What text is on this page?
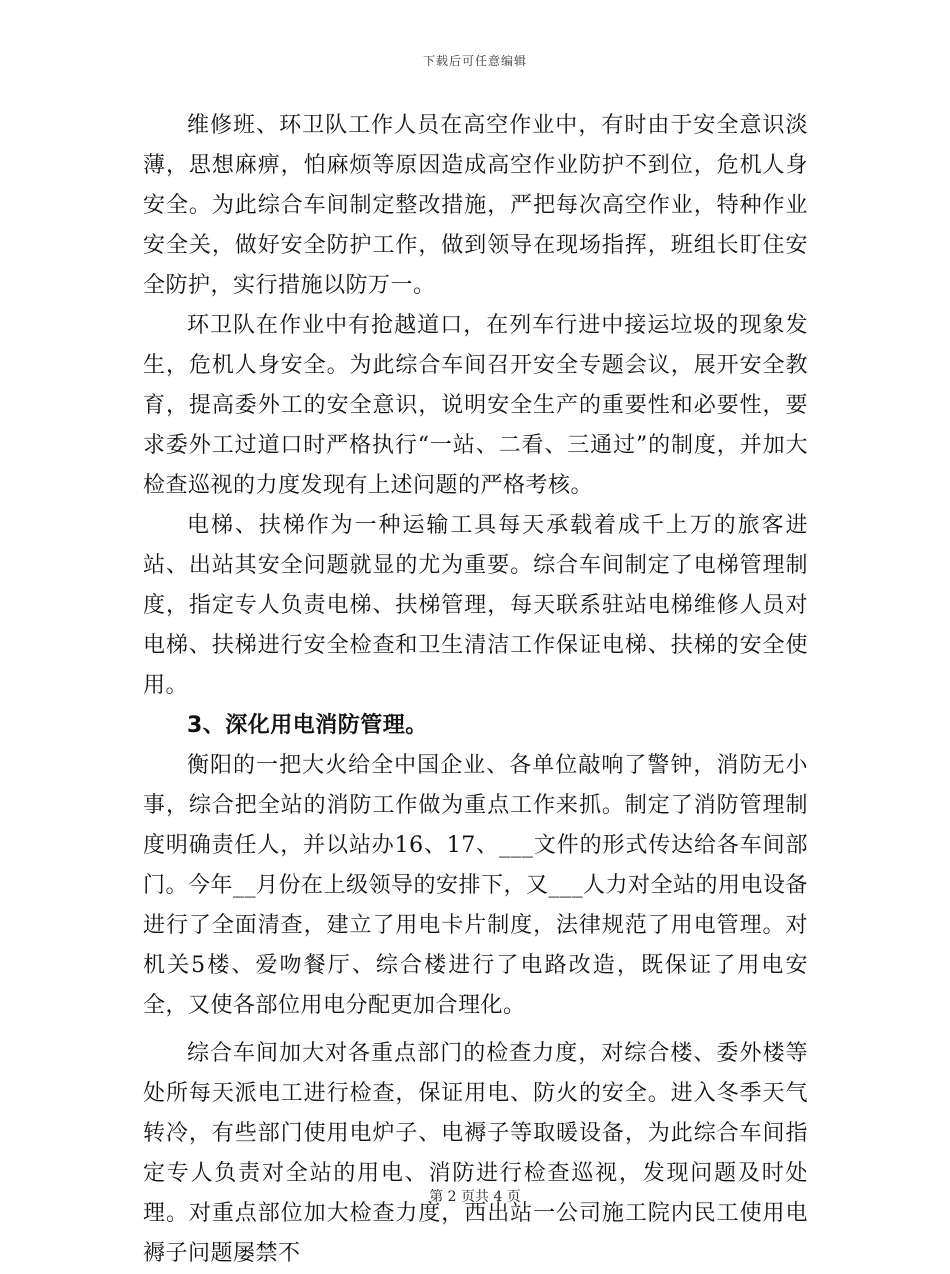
下载后可任意编辑

维修班、环卫队工作人员在高空作业中，有时由于安全意识淡薄，思想麻痹，怕麻烦等原因造成高空作业防护不到位，危机人身安全。为此综合车间制定整改措施，严把每次高空作业，特种作业安全关，做好安全防护工作，做到领导在现场指挥，班组长盯住安全防护，实行措施以防万一。

环卫队在作业中有抢越道口，在列车行进中接运垃圾的现象发生，危机人身安全。为此综合车间召开安全专题会议，展开安全教育，提高委外工的安全意识，说明安全生产的重要性和必要性，要求委外工过道口时严格执行“一站、二看、三通过”的制度，并加大检查巡视的力度发现有上述问题的严格考核。

电梯、扶梯作为一种运输工具每天承载着成千上万的旅客进站、出站其安全问题就显的尤为重要。综合车间制定了电梯管理制度，指定专人负责电梯、扶梯管理，每天联系驻站电梯维修人员对电梯、扶梯进行安全检查和卫生清洁工作保证电梯、扶梯的安全使用。

3、深化用电消防管理。

衡阳的一把大火给全中国企业、各单位敲响了警钟，消防无小事，综合把全站的消防工作做为重点工作来抓。制定了消防管理制度明确责任人，并以站办16、17、___文件的形式传达给各车间部门。今年__月份在上级领导的安排下，又___人力对全站的用电设备进行了全面清查，建立了用电卡片制度，法律规范了用电管理。对机关5楼、爱吻餐厅、综合楼进行了电路改造，既保证了用电安全，又使各部位用电分配更加合理化。

综合车间加大对各重点部门的检查力度，对综合楼、委外楼等处所每天派电工进行检查，保证用电、防火的安全。进入冬季天气转冷，有些部门使用电炉子、电褥子等取暖设备，为此综合车间指定专人负责对全站的用电、消防进行检查巡视，发现问题及时处理。对重点部位加大检查力度，西出站一公司施工院内民工使用电褥子问题屡禁不

第 2 页共 4 页
